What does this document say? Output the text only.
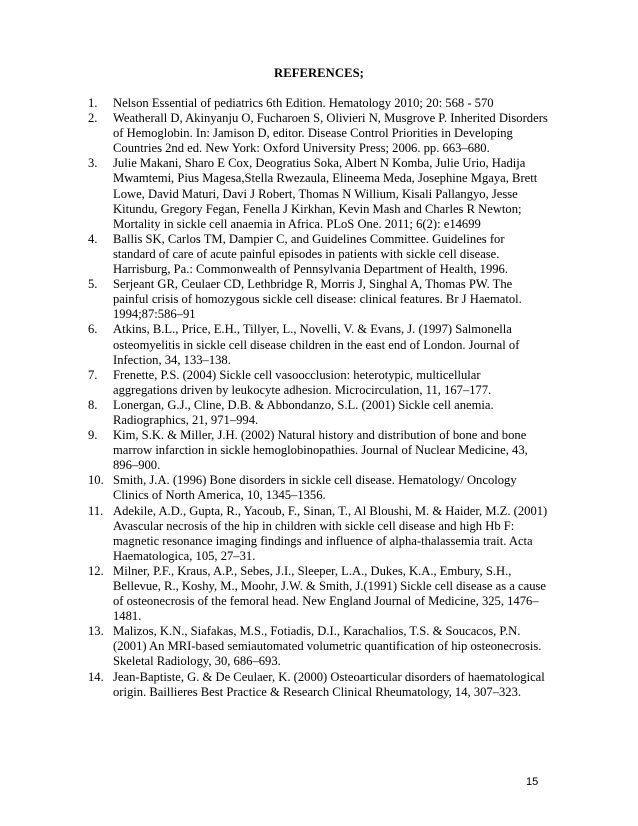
REFERENCES;
1.	Nelson Essential of pediatrics 6th Edition. Hematology 2010; 20: 568 - 570
2.	Weatherall D, Akinyanju O, Fucharoen S, Olivieri N, Musgrove P. Inherited Disorders of Hemoglobin. In: Jamison D, editor. Disease Control Priorities in Developing Countries 2nd ed. New York: Oxford University Press; 2006. pp. 663–680.
3.	Julie Makani, Sharo E Cox, Deogratius Soka, Albert N Komba, Julie Urio, Hadija Mwamtemi, Pius Magesa,Stella Rwezaula, Elineema Meda, Josephine Mgaya, Brett Lowe, David Maturi, Davi J Robert, Thomas N Willium, Kisali Pallangyo, Jesse Kitundu, Gregory Fegan, Fenella J Kirkhan, Kevin Mash and Charles R Newton; Mortality in sickle cell anaemia in Africa. PLoS One. 2011; 6(2): e14699
4.	Ballis SK, Carlos TM, Dampier C, and Guidelines Committee. Guidelines for standard of care of acute painful episodes in patients with sickle cell disease. Harrisburg, Pa.: Commonwealth of Pennsylvania Department of Health, 1996.
5.	Serjeant GR, Ceulaer CD, Lethbridge R, Morris J, Singhal A, Thomas PW. The painful crisis of homozygous sickle cell disease: clinical features. Br J Haematol. 1994;87:586–91
6.	Atkins, B.L., Price, E.H., Tillyer, L., Novelli, V. & Evans, J. (1997) Salmonella osteomyelitis in sickle cell disease children in the east end of London. Journal of Infection, 34, 133–138.
7.	Frenette, P.S. (2004) Sickle cell vasoocclusion: heterotypic, multicellular aggregations driven by leukocyte adhesion. Microcirculation, 11, 167–177.
8.	Lonergan, G.J., Cline, D.B. & Abbondanzo, S.L. (2001) Sickle cell anemia. Radiographics, 21, 971–994.
9.	Kim, S.K. & Miller, J.H. (2002) Natural history and distribution of bone and bone marrow infarction in sickle hemoglobinopathies. Journal of Nuclear Medicine, 43, 896–900.
10. Smith, J.A. (1996) Bone disorders in sickle cell disease. Hematology/ Oncology Clinics of North America, 10, 1345–1356.
11. Adekile, A.D., Gupta, R., Yacoub, F., Sinan, T., Al Bloushi, M. & Haider, M.Z. (2001) Avascular necrosis of the hip in children with sickle cell disease and high Hb F: magnetic resonance imaging findings and influence of alpha-thalassemia trait. Acta Haematologica, 105, 27–31.
12. Milner, P.F., Kraus, A.P., Sebes, J.I., Sleeper, L.A., Dukes, K.A., Embury, S.H., Bellevue, R., Koshy, M., Moohr, J.W. & Smith, J.(1991) Sickle cell disease as a cause of osteonecrosis of the femoral head. New England Journal of Medicine, 325, 1476–1481.
13. Malizos, K.N., Siafakas, M.S., Fotiadis, D.I., Karachalios, T.S. & Soucacos, P.N. (2001) An MRI-based semiautomated volumetric quantification of hip osteonecrosis. Skeletal Radiology, 30, 686–693.
14. Jean-Baptiste, G. & De Ceulaer, K. (2000) Osteoarticular disorders of haematological origin. Baillieres Best Practice & Research Clinical Rheumatology, 14, 307–323.
15
